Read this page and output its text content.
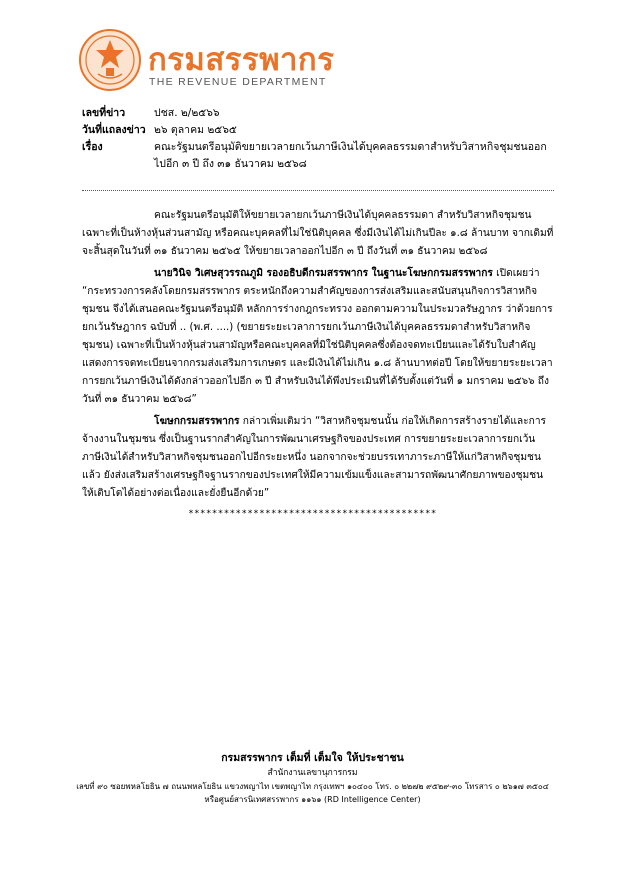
กรมสรรพากร
THE REVENUE DEPARTMENT
เลขที่ข่าว	ปชส. ๒/๒๕๖๖
วันที่แถลงข่าว ๒๖ ตุลาคม ๒๕๖๕
เรื่อง	คณะรัฐมนตรีอนุมัติขยายเวลายกเว้นภาษีเงินได้บุคคลธรรมดาสำหรับวิสาหกิจชุมชนออกไปอีก ๓ ปี ถึง ๓๑ ธันวาคม ๒๕๖๘

คณะรัฐมนตรีอนุมัติให้ขยายเวลายกเว้นภาษีเงินได้บุคคลธรรมดา สำหรับวิสาหกิจชุมชนเฉพาะที่เป็นห้างหุ้นส่วนสามัญ หรือคณะบุคคลที่ไม่ใช่นิติบุคคล ซึ่งมีเงินได้ไม่เกินปีละ ๑.๘ ล้านบาท จากเดิมที่จะสิ้นสุดในวันที่ ๓๑ ธันวาคม ๒๕๖๕ ให้ขยายเวลาออกไปอีก ๓ ปี ถึงวันที่ ๓๑ ธันวาคม ๒๕๖๘

นายวินิจ วิเศษสุวรรณภูมิ รองอธิบดีกรมสรรพากร ในฐานะโฆษกกรมสรรพากร เปิดเผยว่า “กระทรวงการคลังโดยกรมสรรพากร ตระหนักถึงความสำคัญของการส่งเสริมและสนับสนุนกิจการวิสาหกิจชุมชน จึงได้เสนอคณะรัฐมนตรีอนุมัติ หลักการร่างกฎกระทรวง ออกตามความในประมวลรัษฎากร ว่าด้วยการยกเว้นรัษฎากร ฉบับที่ .. (พ.ศ. ....) (ขยายระยะเวลาการยกเว้นภาษีเงินได้บุคคลธรรมดาสำหรับวิสาหกิจชุมชน) เฉพาะที่เป็นห้างหุ้นส่วนสามัญหรือคณะบุคคลที่มิใช่นิติบุคคลซึ่งต้องจดทะเบียนและได้รับใบสำคัญแสดงการจดทะเบียนจากกรมส่งเสริมการเกษตร และมีเงินได้ไม่เกิน ๑.๘ ล้านบาทต่อปี โดยให้ขยายระยะเวลาการยกเว้นภาษีเงินได้ดังกล่าวออกไปอีก ๓ ปี สำหรับเงินได้พึงประเมินที่ได้รับตั้งแต่วันที่ ๑ มกราคม ๒๕๖๖ ถึงวันที่ ๓๑ ธันวาคม ๒๕๖๘”

โฆษกกรมสรรพากร กล่าวเพิ่มเติมว่า “วิสาหกิจชุมชนนั้น ก่อให้เกิดการสร้างรายได้และการจ้างงานในชุมชน ซึ่งเป็นฐานรากสำคัญในการพัฒนาเศรษฐกิจของประเทศ การขยายระยะเวลาการยกเว้นภาษีเงินได้สำหรับวิสาหกิจชุมชนออกไปอีกระยะหนึ่ง นอกจากจะช่วยบรรเทาภาระภาษีให้แก่วิสาหกิจชุมชนแล้ว ยังส่งเสริมสร้างเศรษฐกิจฐานรากของประเทศให้มีความเข้มแข็งและสามารถพัฒนาศักยภาพของชุมชนให้เติบโตได้อย่างต่อเนื่องและยั่งยืนอีกด้วย”

******************************************
กรมสรรพากร เต็มที่ เต็มใจ ให้ประชาชน
สำนักงานเลขานุการกรม
เลขที่ ๙๐ ซอยพหลโยธิน ๗ ถนนพหลโยธิน แขวงพญาไท เขตพญาไท กรุงเทพฯ ๑๐๔๐๐ โทร. ๐ ๒๒๗๒ ๙๕๒๙-๓๐ โทรสาร ๐ ๒๖๑๗ ๓๕๐๔
หรือศูนย์สารนิเทศสรรพากร ๑๑๖๑ (RD Intelligence Center)
